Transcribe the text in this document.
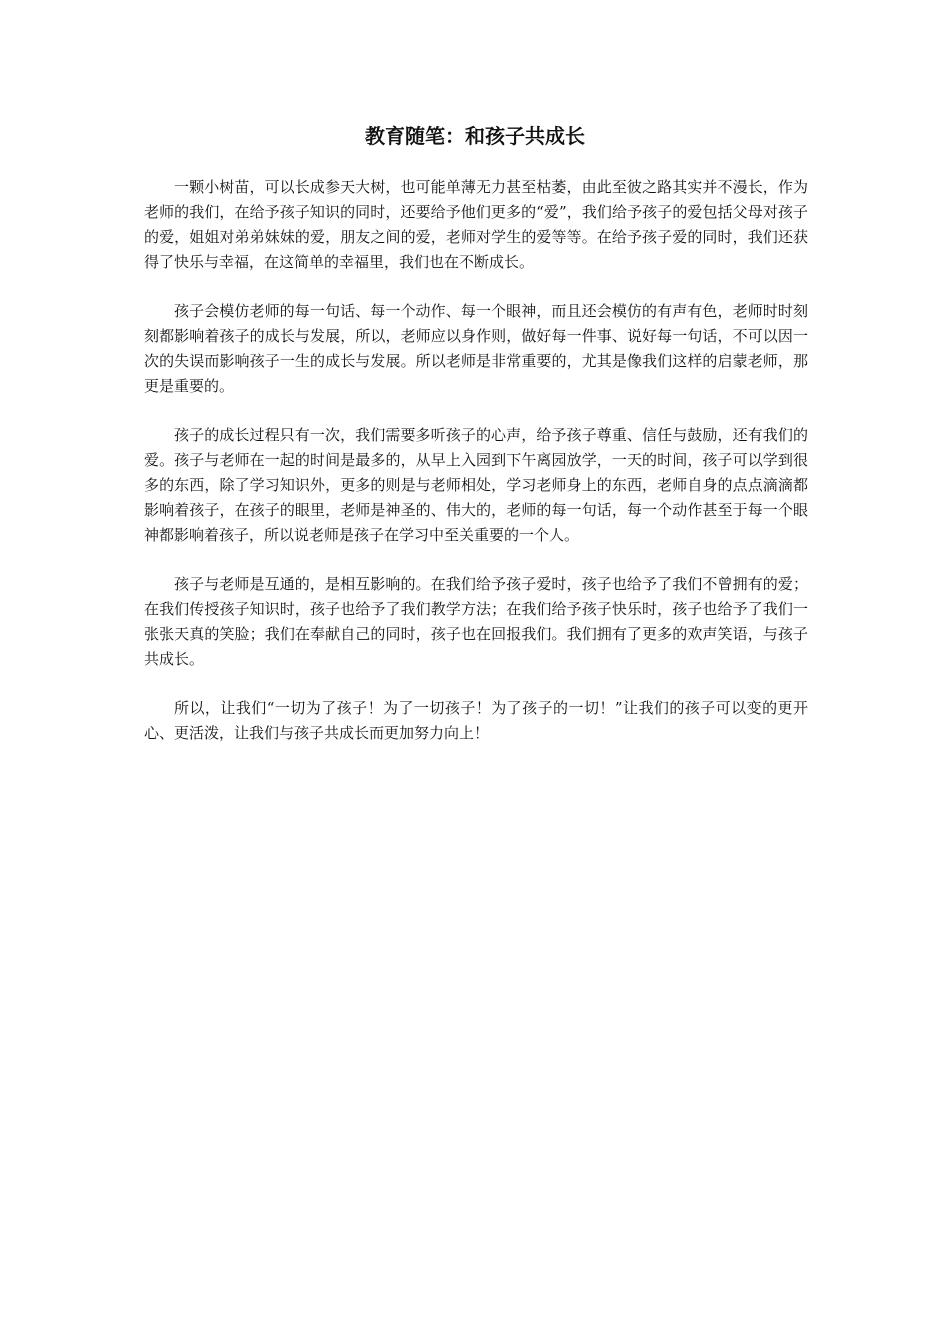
教育随笔：和孩子共成长

一颗小树苗，可以长成参天大树，也可能单薄无力甚至枯萎，由此至彼之路其实并不漫长，作为老师的我们，在给予孩子知识的同时，还要给予他们更多的“爱”，我们给予孩子的爱包括父母对孩子的爱，姐姐对弟弟妹妹的爱，朋友之间的爱，老师对学生的爱等等。在给予孩子爱的同时，我们还获得了快乐与幸福，在这简单的幸福里，我们也在不断成长。

孩子会模仿老师的每一句话、每一个动作、每一个眼神，而且还会模仿的有声有色，老师时时刻刻都影响着孩子的成长与发展，所以，老师应以身作则，做好每一件事、说好每一句话，不可以因一次的失误而影响孩子一生的成长与发展。所以老师是非常重要的，尤其是像我们这样的启蒙老师，那更是重要的。

孩子的成长过程只有一次，我们需要多听孩子的心声，给予孩子尊重、信任与鼓励，还有我们的爱。孩子与老师在一起的时间是最多的，从早上入园到下午离园放学，一天的时间，孩子可以学到很多的东西，除了学习知识外，更多的则是与老师相处，学习老师身上的东西，老师自身的点点滴滴都影响着孩子，在孩子的眼里，老师是神圣的、伟大的，老师的每一句话，每一个动作甚至于每一个眼神都影响着孩子，所以说老师是孩子在学习中至关重要的一个人。

孩子与老师是互通的，是相互影响的。在我们给予孩子爱时，孩子也给予了我们不曾拥有的爱；在我们传授孩子知识时，孩子也给予了我们教学方法；在我们给予孩子快乐时，孩子也给予了我们一张张天真的笑脸；我们在奉献自己的同时，孩子也在回报我们。我们拥有了更多的欢声笑语，与孩子共成长。

所以，让我们“一切为了孩子！为了一切孩子！为了孩子的一切！”让我们的孩子可以变的更开心、更活泼，让我们与孩子共成长而更加努力向上！
